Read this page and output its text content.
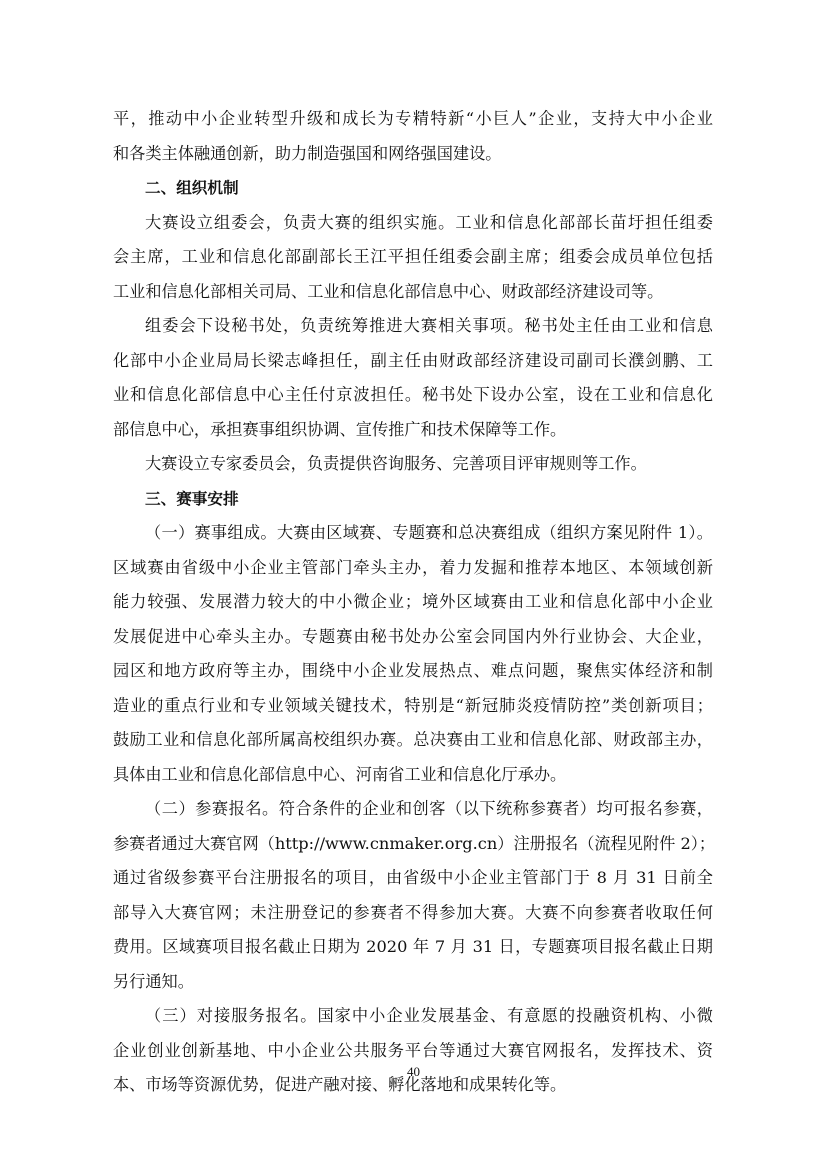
平，推动中小企业转型升级和成长为专精特新“小巨人”企业，支持大中小企业
和各类主体融通创新，助力制造强国和网络强国建设。
二、组织机制
大赛设立组委会，负责大赛的组织实施。工业和信息化部部长苗圩担任组委
会主席，工业和信息化部副部长王江平担任组委会副主席；组委会成员单位包括
工业和信息化部相关司局、工业和信息化部信息中心、财政部经济建设司等。
组委会下设秘书处，负责统筹推进大赛相关事项。秘书处主任由工业和信息
化部中小企业局局长梁志峰担任，副主任由财政部经济建设司副司长濮剑鹏、工
业和信息化部信息中心主任付京波担任。秘书处下设办公室，设在工业和信息化
部信息中心，承担赛事组织协调、宣传推广和技术保障等工作。
大赛设立专家委员会，负责提供咨询服务、完善项目评审规则等工作。
三、赛事安排
（一）赛事组成。大赛由区域赛、专题赛和总决赛组成（组织方案见附件 1）。
区域赛由省级中小企业主管部门牵头主办，着力发掘和推荐本地区、本领域创新
能力较强、发展潜力较大的中小微企业；境外区域赛由工业和信息化部中小企业
发展促进中心牵头主办。专题赛由秘书处办公室会同国内外行业协会、大企业，
园区和地方政府等主办，围绕中小企业发展热点、难点问题，聚焦实体经济和制
造业的重点行业和专业领域关键技术，特别是“新冠肺炎疫情防控”类创新项目；
鼓励工业和信息化部所属高校组织办赛。总决赛由工业和信息化部、财政部主办，
具体由工业和信息化部信息中心、河南省工业和信息化厅承办。
（二）参赛报名。符合条件的企业和创客（以下统称参赛者）均可报名参赛，
参赛者通过大赛官网（http://www.cnmaker.org.cn）注册报名（流程见附件 2）；
通过省级参赛平台注册报名的项目，由省级中小企业主管部门于 8 月 31 日前全
部导入大赛官网；未注册登记的参赛者不得参加大赛。大赛不向参赛者收取任何
费用。区域赛项目报名截止日期为 2020 年 7 月 31 日，专题赛项目报名截止日期
另行通知。
（三）对接服务报名。国家中小企业发展基金、有意愿的投融资机构、小微
企业创业创新基地、中小企业公共服务平台等通过大赛官网报名，发挥技术、资
本、市场等资源优势，促进产融对接、孵化落地和成果转化等。
40
